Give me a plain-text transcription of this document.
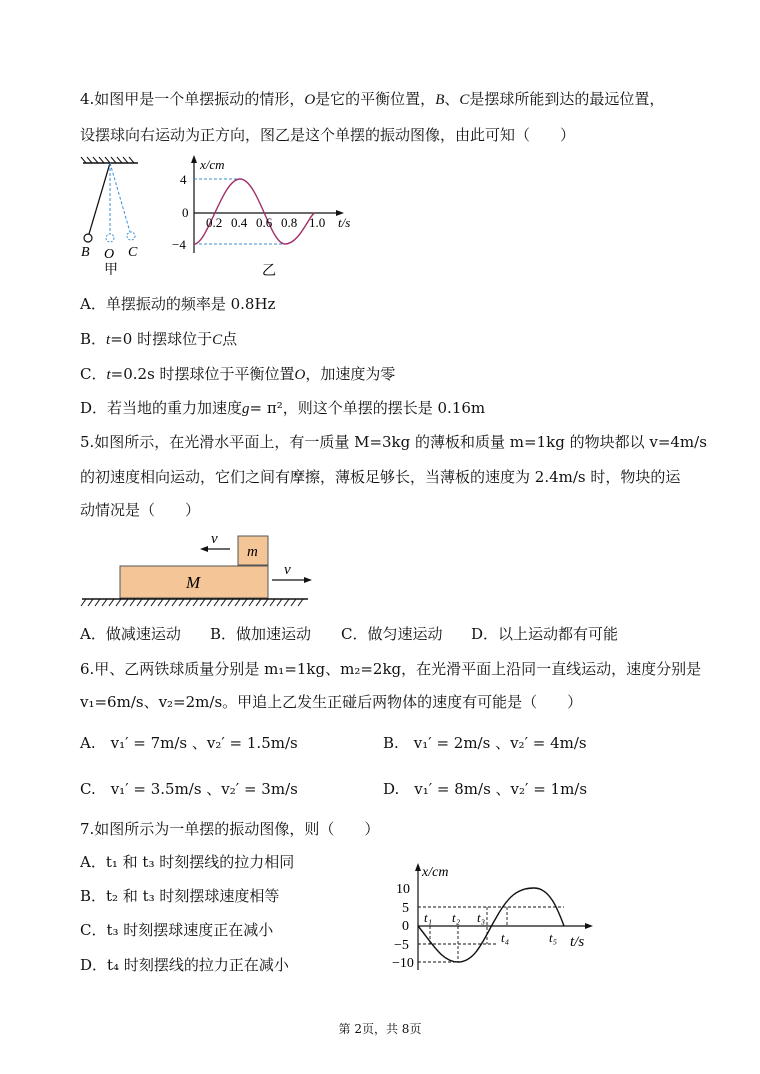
4.如图甲是一个单摆振动的情形，O是它的平衡位置，B、C是摆球所能到达的最远位置，
设摆球向右运动为正方向，图乙是这个单摆的振动图像，由此可知（　　）
B O C
甲
x/cm
4
0
−4
0.2 0.4 0.6 0.8 1.0 t/s
乙
A．单摆振动的频率是 0.8Hz
B．t=0 时摆球位于C点
C．t=0.2s 时摆球位于平衡位置O，加速度为零
D．若当地的重力加速度g= π²，则这个单摆的摆长是 0.16m
5.如图所示，在光滑水平面上，有一质量 M=3kg 的薄板和质量 m=1kg 的物块都以 v=4m/s
的初速度相向运动，它们之间有摩擦，薄板足够长，当薄板的速度为 2.4m/s 时，物块的运
动情况是（　　）
v
m
M
v
A．做减速运动 B．做加速运动 C．做匀速运动 D．以上运动都有可能
6.甲、乙两铁球质量分别是 m₁=1kg、m₂=2kg，在光滑平面上沿同一直线运动，速度分别是
v₁=6m/s、v₂=2m/s。甲追上乙发生正碰后两物体的速度有可能是（　　）
A.　v₁′ = 7m/s 、v₂′ = 1.5m/s	B.　v₁′ = 2m/s 、v₂′ = 4m/s
C.　v₁′ = 3.5m/s 、v₂′ = 3m/s	D.　v₁′ = 8m/s 、v₂′ = 1m/s
7.如图所示为一单摆的振动图像，则（　　）
A．t₁ 和 t₃ 时刻摆线的拉力相同
B．t₂ 和 t₃ 时刻摆球速度相等
C．t₃ 时刻摆球速度正在减小
D．t₄ 时刻摆线的拉力正在减小
x/cm
10
5
0
−5
−10
t₁ t₂ t₃
t₄	t₅ t/s
第 2页，共 8页
